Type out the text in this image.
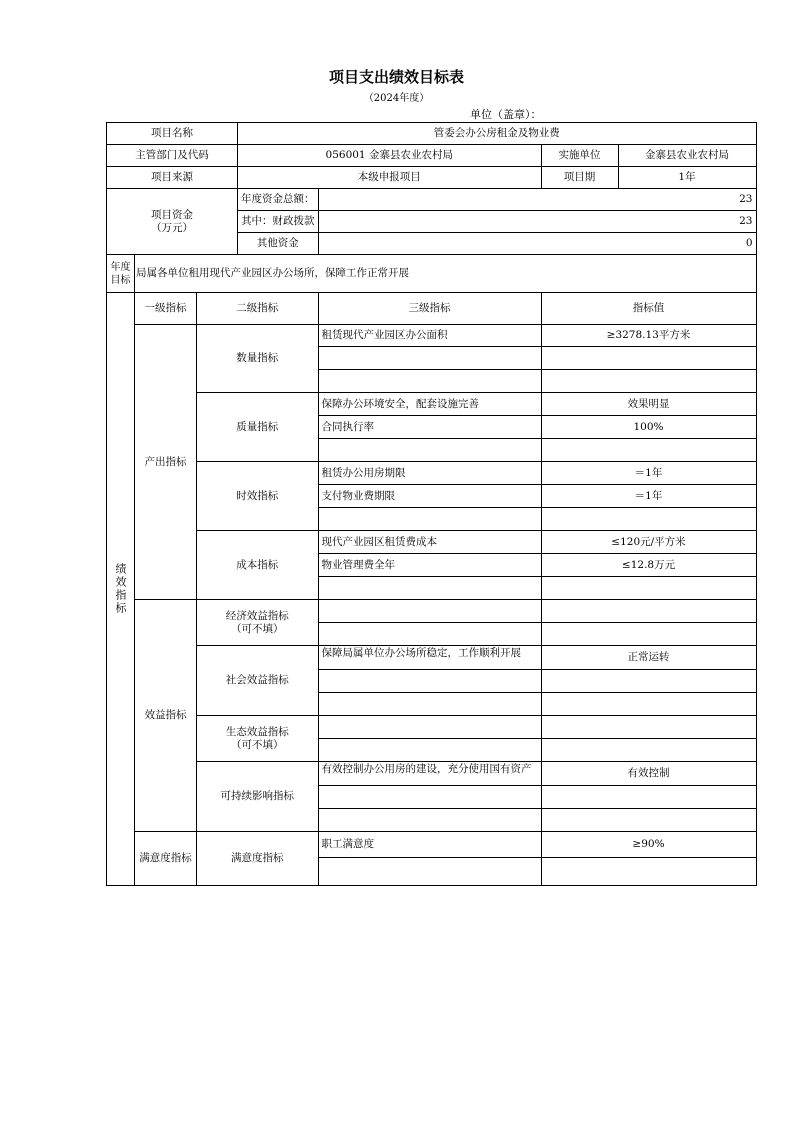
项目支出绩效目标表
（2024年度）
单位（盖章）：
项目名称			管委会办公房租金及物业费			
主管部门及代码			056001 金寨县农业农村局		实施单位	金寨县农业农村局
项目来源			本级申报项目		项目期	1年

项目资金
（万元）			年度资金总额：	23		
			其中：财政拨款	23		
			其他资金	0		
年度目标	局属各单位租用现代产业园区办公场所，保障工作正常开展					

绩效指标	一级指标	二级指标		三级指标	指标值	
	产出指标	数量指标		租赁现代产业园区办公面积	≥3278.13平方米	

		质量指标		保障办公环境安全，配套设施完善	效果明显	
				合同执行率	100%	

		时效指标		租赁办公用房期限	＝1年	
				支付物业费期限	＝1年	

		成本指标		现代产业园区租赁费成本	≤120元/平方米	
				物业管理费全年	≤12.8万元	

	效益指标	经济效益指标
（可不填）				

		社会效益指标		保障局属单位办公场所稳定，工作顺利开展	正常运转	

		生态效益指标
（可不填）				

		可持续影响指标		有效控制办公用房的建设，充分使用国有资产	有效控制	

	满意度指标	满意度指标		职工满意度	≥90%	
